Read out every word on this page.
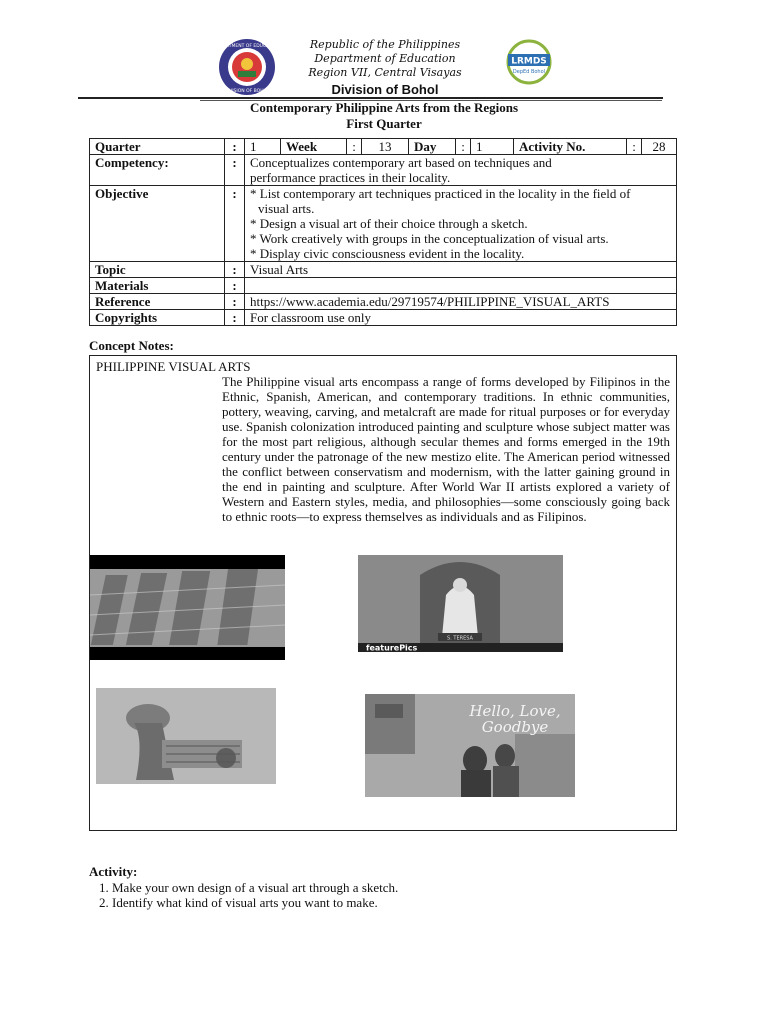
DEPARTMENT OF EDUCATION
DIVISION OF BOHOL
Republic of the Philippines
Department of Education
Region VII, Central Visayas
Division of Bohol
LRMDS
DepEd Bohol
Contemporary Philippine Arts from the Regions
First Quarter
Quarter	:	1	Week	:	13	Day	:	1	Activity No.	:	28

Competency:	:	Conceptualizes contemporary art based on techniques and performance practices in their locality.
Objective	:	* List contemporary art techniques practiced in the locality in the field of
visual arts.
* Design a visual art of their choice through a sketch.
* Work creatively with groups in the conceptualization of visual arts.
* Display civic consciousness evident in the locality.

Topic	:	Visual Arts
Materials	:	
Reference	:	https://www.academia.edu/29719574/PHILIPPINE_VISUAL_ARTS
Copyrights	:	For classroom use only
Concept Notes:
PHILIPPINE VISUAL ARTS
The Philippine visual arts encompass a range of forms developed by Filipinos in the Ethnic, Spanish, American, and contemporary traditions. In ethnic communities, pottery, weaving, carving, and metalcraft are made for ritual purposes or for everyday use. Spanish colonization introduced painting and sculpture whose subject matter was for the most part religious, although secular themes and forms emerged in the 19th century under the patronage of the new mestizo elite. The American period witnessed the conflict between conservatism and modernism, with the latter gaining ground in the end in painting and sculpture. After World War II artists explored a variety of Western and Eastern styles, media, and philosophies—some consciously going back to ethnic roots—to express themselves as individuals and as Filipinos.
S. TERESA
featurePics
Hello, Love,
Goodbye
Activity:
1. Make your own design of a visual art through a sketch.
2. Identify what kind of visual arts you want to make.
